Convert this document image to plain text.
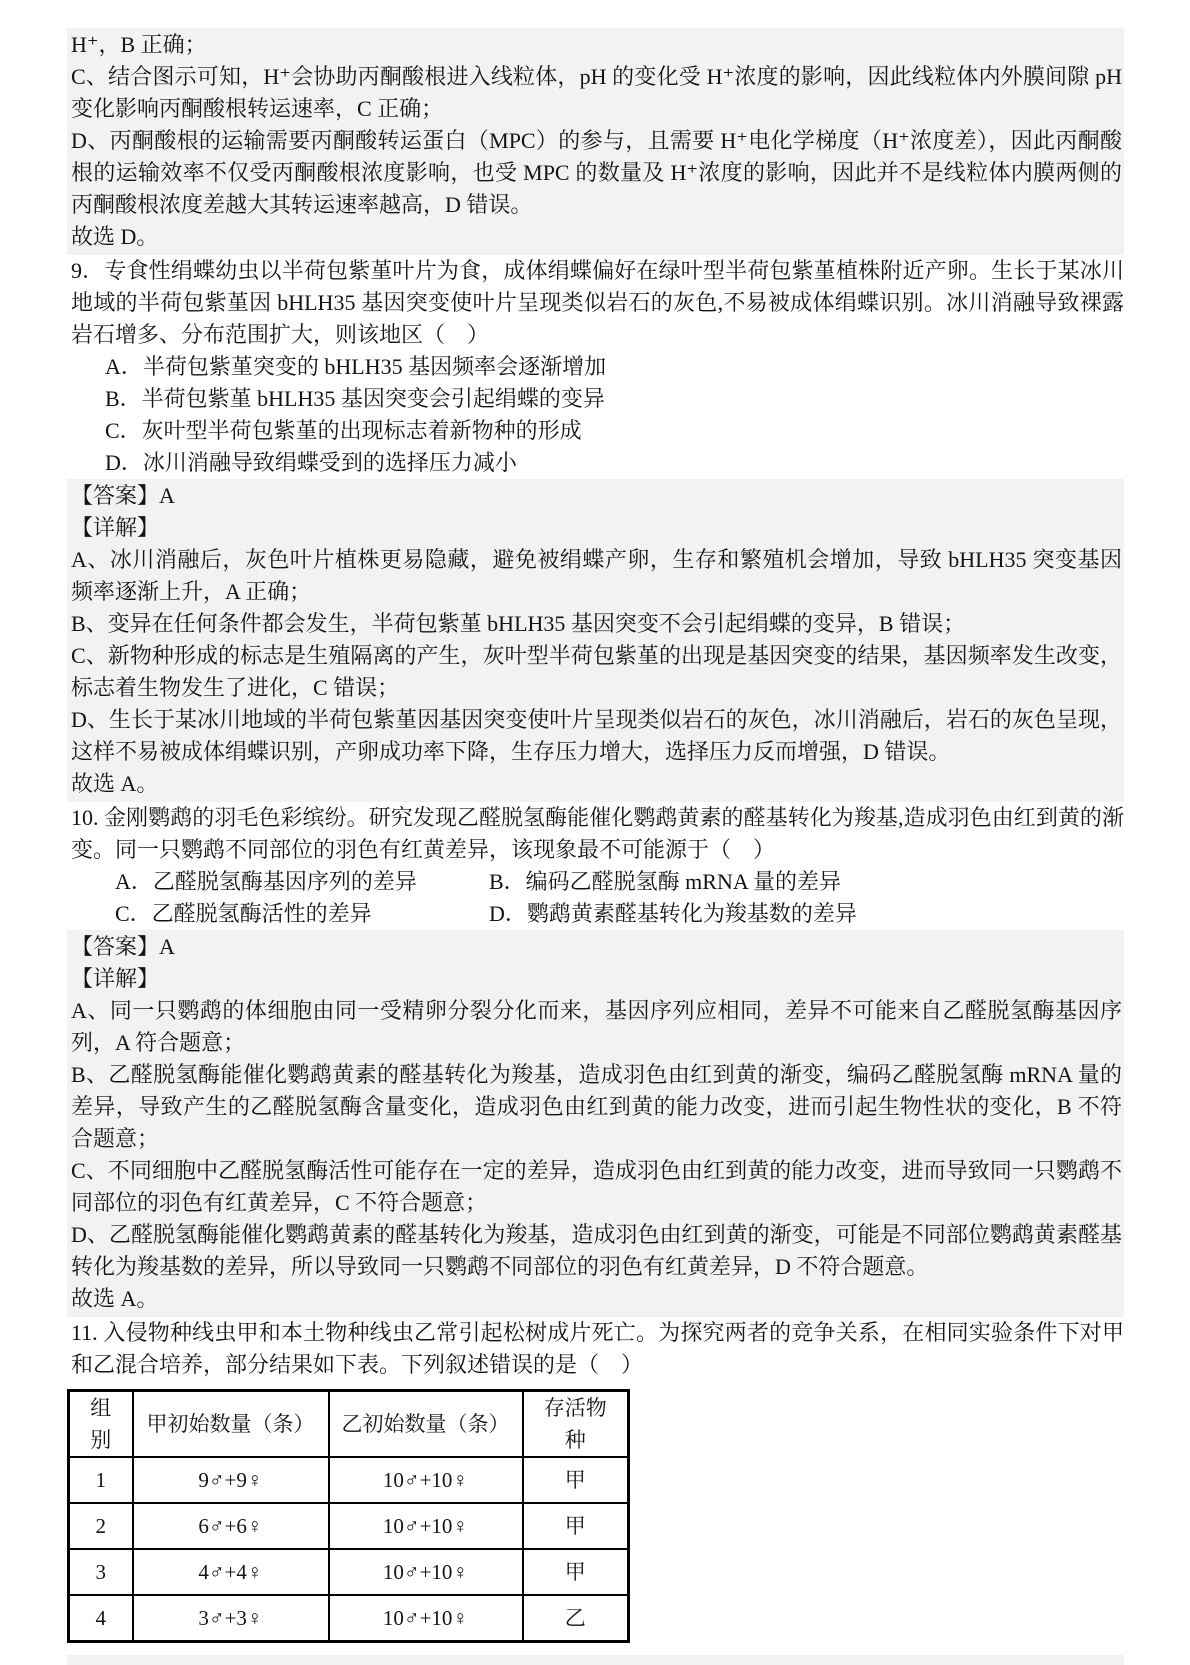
H⁺，B 正确；

C、结合图示可知，H⁺会协助丙酮酸根进入线粒体，pH 的变化受 H⁺浓度的影响，因此线粒体内外膜间隙 pH 变化影响丙酮酸根转运速率，C 正确；

D、丙酮酸根的运输需要丙酮酸转运蛋白（MPC）的参与，且需要 H⁺电化学梯度（H⁺浓度差），因此丙酮酸根的运输效率不仅受丙酮酸根浓度影响，也受 MPC 的数量及 H⁺浓度的影响，因此并不是线粒体内膜两侧的丙酮酸根浓度差越大其转运速率越高，D 错误。

故选 D。

9．专食性绢蝶幼虫以半荷包紫堇叶片为食，成体绢蝶偏好在绿叶型半荷包紫堇植株附近产卵。生长于某冰川地域的半荷包紫堇因 bHLH35 基因突变使叶片呈现类似岩石的灰色,不易被成体绢蝶识别。冰川消融导致裸露岩石增多、分布范围扩大，则该地区（　）

A．半荷包紫堇突变的 bHLH35 基因频率会逐渐增加

B．半荷包紫堇 bHLH35 基因突变会引起绢蝶的变异

C．灰叶型半荷包紫堇的出现标志着新物种的形成

D．冰川消融导致绢蝶受到的选择压力减小

【答案】A

【详解】

A、冰川消融后，灰色叶片植株更易隐藏，避免被绢蝶产卵，生存和繁殖机会增加，导致 bHLH35 突变基因频率逐渐上升，A 正确；

B、变异在任何条件都会发生，半荷包紫堇 bHLH35 基因突变不会引起绢蝶的变异，B 错误；

C、新物种形成的标志是生殖隔离的产生，灰叶型半荷包紫堇的出现是基因突变的结果，基因频率发生改变，标志着生物发生了进化，C 错误；

D、生长于某冰川地域的半荷包紫堇因基因突变使叶片呈现类似岩石的灰色，冰川消融后，岩石的灰色呈现，这样不易被成体绢蝶识别，产卵成功率下降，生存压力增大，选择压力反而增强，D 错误。

故选 A。

10. 金刚鹦鹉的羽毛色彩缤纷。研究发现乙醛脱氢酶能催化鹦鹉黄素的醛基转化为羧基,造成羽色由红到黄的渐变。同一只鹦鹉不同部位的羽色有红黄差异，该现象最不可能源于（　）

A．乙醛脱氢酶基因序列的差异	B．编码乙醛脱氢酶 mRNA 量的差异

C．乙醛脱氢酶活性的差异	D．鹦鹉黄素醛基转化为羧基数的差异

【答案】A

【详解】

A、同一只鹦鹉的体细胞由同一受精卵分裂分化而来，基因序列应相同，差异不可能来自乙醛脱氢酶基因序列，A 符合题意；

B、乙醛脱氢酶能催化鹦鹉黄素的醛基转化为羧基，造成羽色由红到黄的渐变，编码乙醛脱氢酶 mRNA 量的差异，导致产生的乙醛脱氢酶含量变化，造成羽色由红到黄的能力改变，进而引起生物性状的变化，B 不符合题意；

C、不同细胞中乙醛脱氢酶活性可能存在一定的差异，造成羽色由红到黄的能力改变，进而导致同一只鹦鹉不同部位的羽色有红黄差异，C 不符合题意；

D、乙醛脱氢酶能催化鹦鹉黄素的醛基转化为羧基，造成羽色由红到黄的渐变，可能是不同部位鹦鹉黄素醛基转化为羧基数的差异，所以导致同一只鹦鹉不同部位的羽色有红黄差异，D 不符合题意。

故选 A。

11. 入侵物种线虫甲和本土物种线虫乙常引起松树成片死亡。为探究两者的竞争关系，在相同实验条件下对甲和乙混合培养，部分结果如下表。下列叙述错误的是（　）

组别	甲初始数量（条）	乙初始数量（条）	存活物种
1	9♂+9♀	10♂+10♀	甲
2	6♂+6♀	10♂+10♀	甲
3	4♂+4♀	10♂+10♀	甲
4	3♂+3♀	10♂+10♀	乙
